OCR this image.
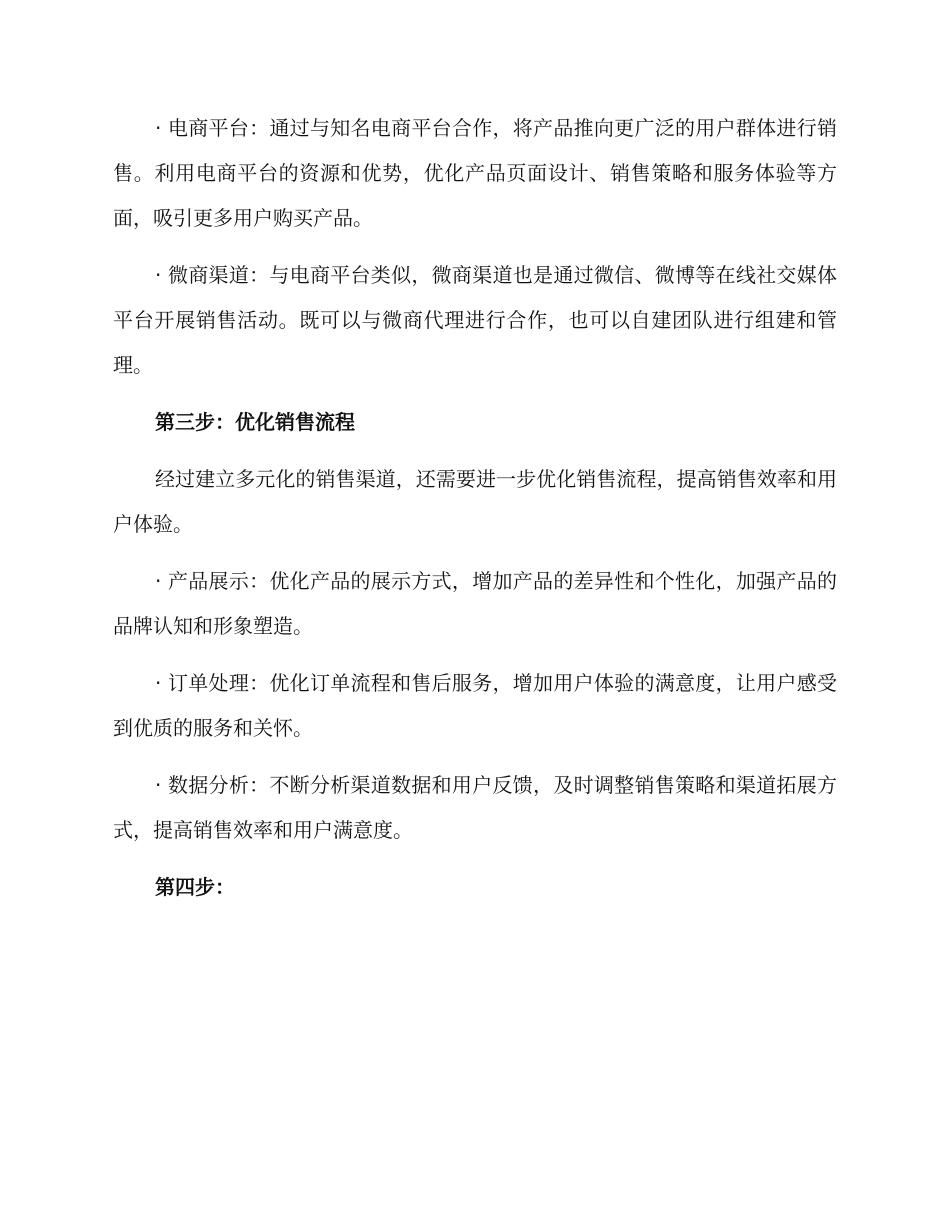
· 电商平台：通过与知名电商平台合作，将产品推向更广泛的用户群体进行销售。利用电商平台的资源和优势，优化产品页面设计、销售策略和服务体验等方面，吸引更多用户购买产品。

· 微商渠道：与电商平台类似，微商渠道也是通过微信、微博等在线社交媒体平台开展销售活动。既可以与微商代理进行合作，也可以自建团队进行组建和管理。

第三步：优化销售流程

经过建立多元化的销售渠道，还需要进一步优化销售流程，提高销售效率和用户体验。

· 产品展示：优化产品的展示方式，增加产品的差异性和个性化，加强产品的品牌认知和形象塑造。

· 订单处理：优化订单流程和售后服务，增加用户体验的满意度，让用户感受到优质的服务和关怀。

· 数据分析：不断分析渠道数据和用户反馈，及时调整销售策略和渠道拓展方式，提高销售效率和用户满意度。

第四步：
